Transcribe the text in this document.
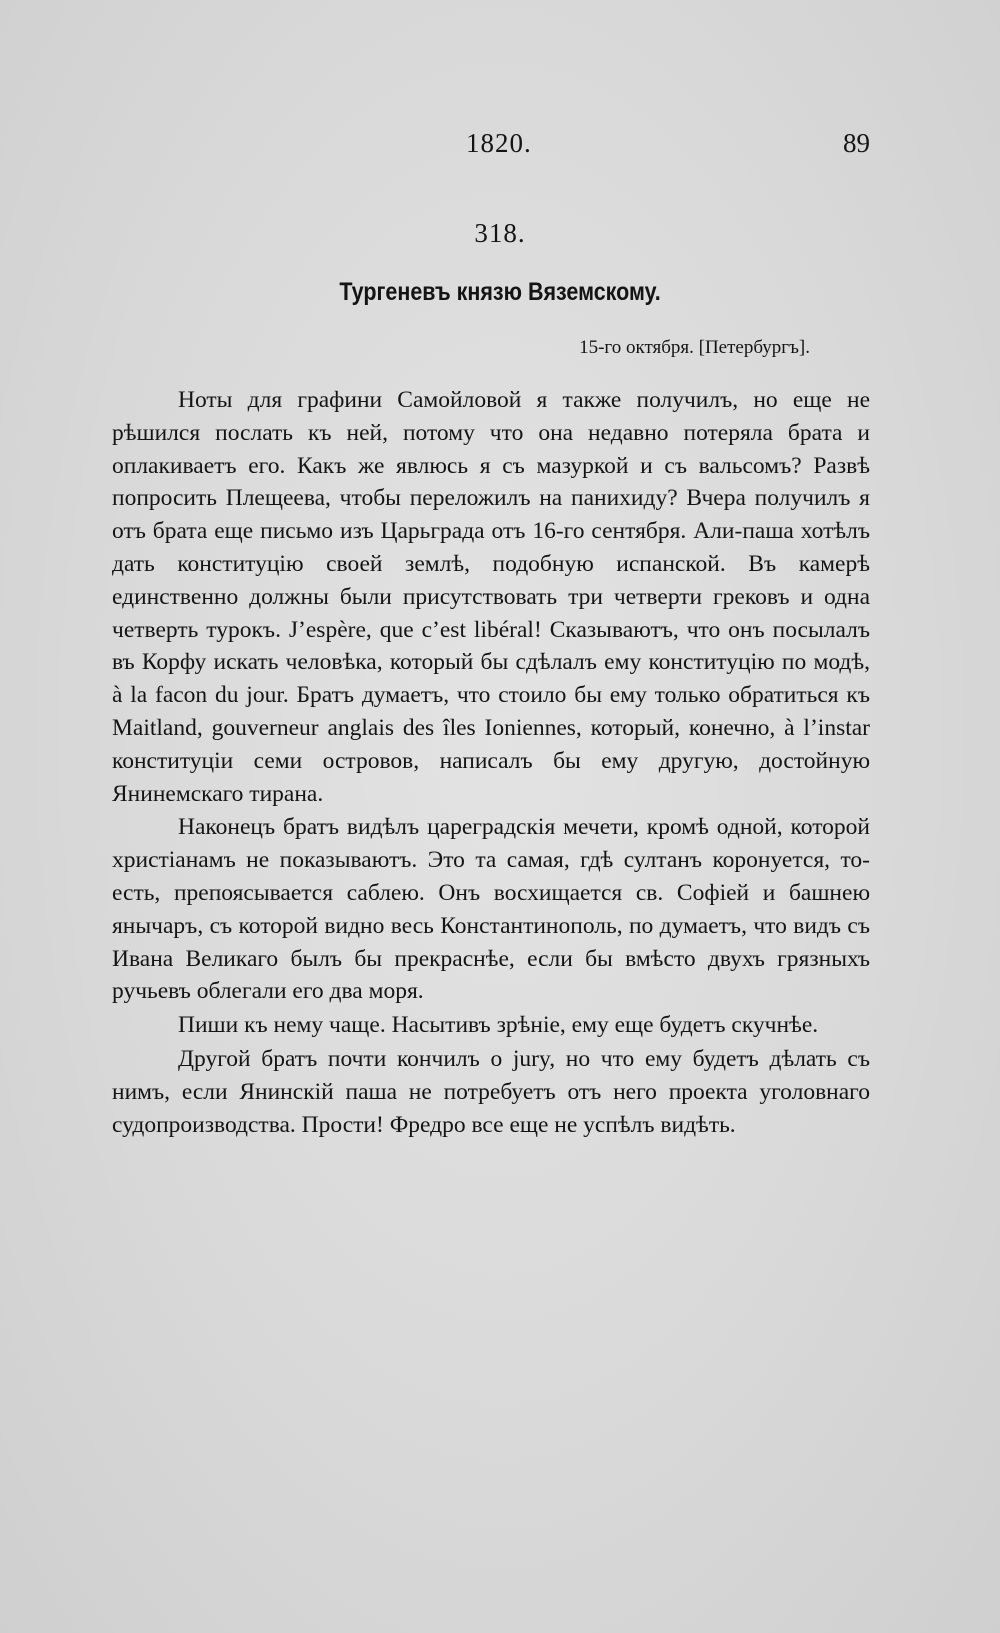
1820.	89
318.
Тургеневъ князю Вяземскому.
15-го октября. [Петербургъ].

Ноты для графини Самойловой я также получилъ, но еще не рѣшился послать къ ней, потому что она недавно потеряла брата и оплакиваетъ его. Какъ же явлюсь я съ мазуркой и съ вальсомъ? Развѣ попросить Плещеева, чтобы переложилъ на панихиду? Вчера получилъ я отъ брата еще письмо изъ Царьграда отъ 16-го сентября. Али-паша хотѣлъ дать конституцію своей землѣ, подобную испанской. Въ камерѣ единственно должны были присутствовать три четверти грековъ и одна четверть турокъ. J’espère, que c’est libéral! Сказываютъ, что онъ посылалъ въ Корфу искать человѣка, который бы сдѣлалъ ему конституцію по модѣ, à la facon du jour. Братъ думаетъ, что стоило бы ему только обратиться къ Maitland, gouverneur anglais des îles Ioniennes, который, конечно, à l’instar конституціи семи островов, написалъ бы ему другую, достойную Янинемскаго тирана.

Наконецъ братъ видѣлъ цареградскія мечети, кромѣ одной, которой христіанамъ не показываютъ. Это та самая, гдѣ султанъ коронуется, то-есть, препоясывается саблею. Онъ восхищается св. Софіей и башнею янычаръ, съ которой видно весь Константинополь, по думаетъ, что видъ съ Ивана Великаго былъ бы прекраснѣе, если бы вмѣсто двухъ грязныхъ ручьевъ облегали его два моря.

Пиши къ нему чаще. Насытивъ зрѣніе, ему еще будетъ скучнѣе.

Другой братъ почти кончилъ о jury, но что ему будетъ дѣлать съ нимъ, если Янинскій паша не потребуетъ отъ него проекта уголовнаго судопроизводства. Прости! Фредро все еще не успѣлъ видѣть.
